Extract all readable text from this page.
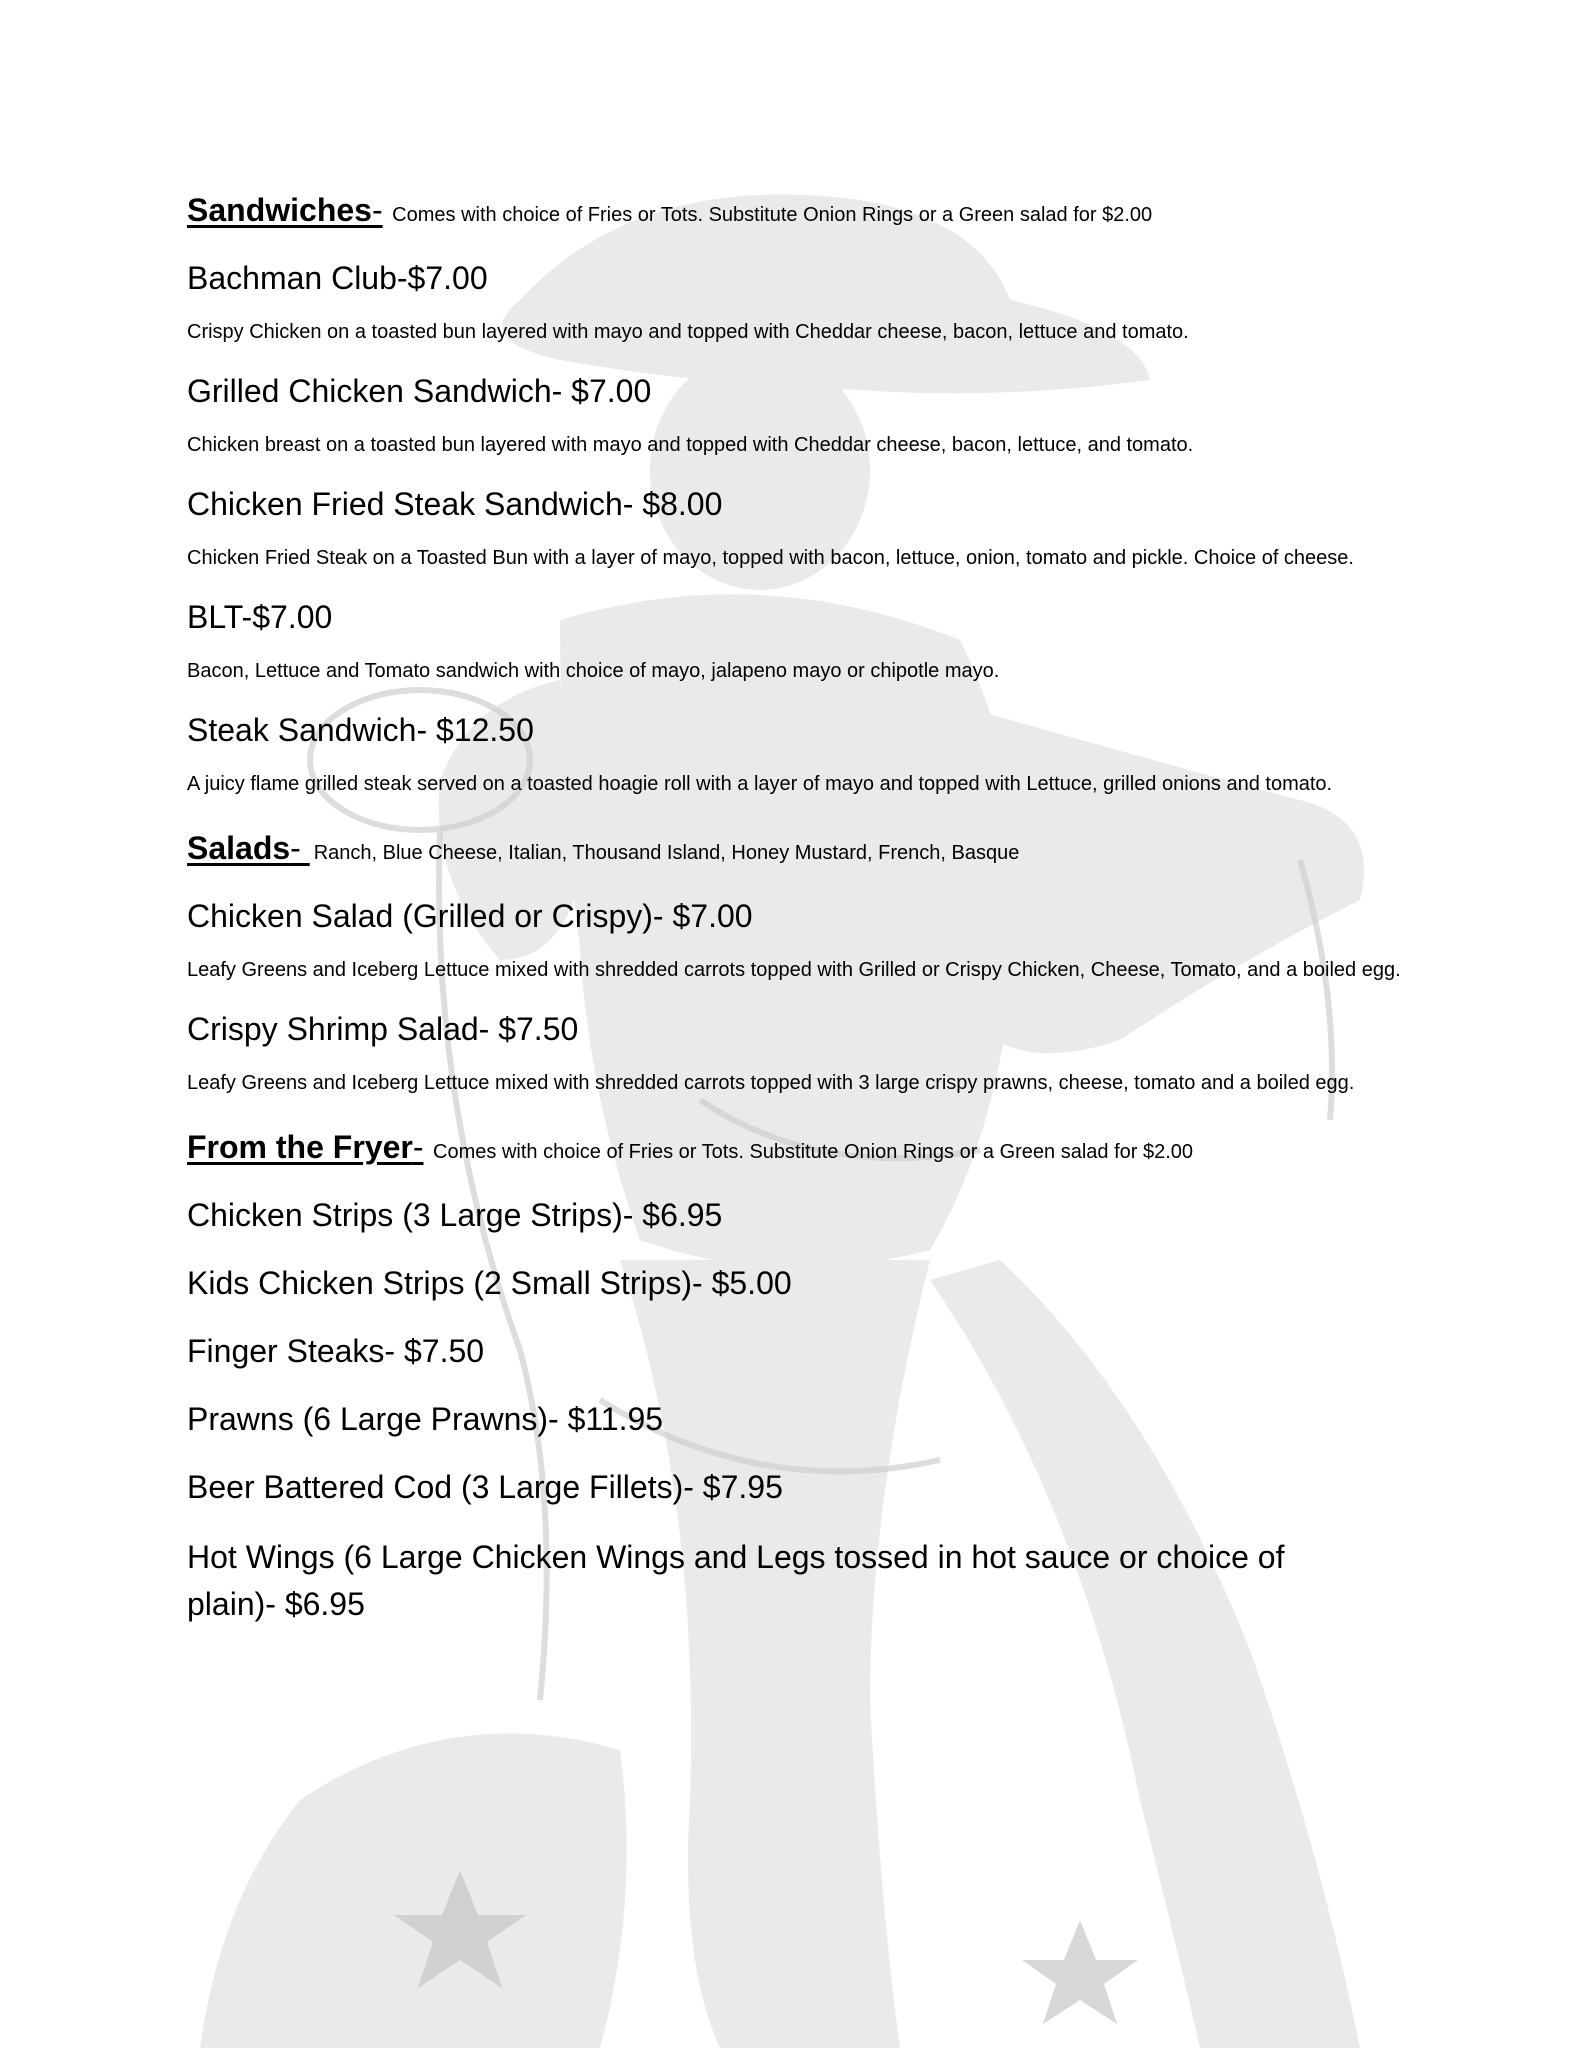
Sandwiches- Comes with choice of Fries or Tots. Substitute Onion Rings or a Green salad for $2.00
Bachman Club-$7.00
Crispy Chicken on a toasted bun layered with mayo and topped with Cheddar cheese, bacon, lettuce and tomato.
Grilled Chicken Sandwich- $7.00
Chicken breast on a toasted bun layered with mayo and topped with Cheddar cheese, bacon, lettuce, and tomato.
Chicken Fried Steak Sandwich- $8.00
Chicken Fried Steak on a Toasted Bun with a layer of mayo, topped with bacon, lettuce, onion, tomato and pickle. Choice of cheese.
BLT-$7.00
Bacon, Lettuce and Tomato sandwich with choice of mayo, jalapeno mayo or chipotle mayo.
Steak Sandwich- $12.50
A juicy flame grilled steak served on a toasted hoagie roll with a layer of mayo and topped with Lettuce, grilled onions and tomato.
Salads- Ranch, Blue Cheese, Italian, Thousand Island, Honey Mustard, French, Basque
Chicken Salad (Grilled or Crispy)- $7.00
Leafy Greens and Iceberg Lettuce mixed with shredded carrots topped with Grilled or Crispy Chicken, Cheese, Tomato, and a boiled egg.
Crispy Shrimp Salad- $7.50
Leafy Greens and Iceberg Lettuce mixed with shredded carrots topped with 3 large crispy prawns, cheese, tomato and a boiled egg.
From the Fryer- Comes with choice of Fries or Tots. Substitute Onion Rings or a Green salad for $2.00
Chicken Strips (3 Large Strips)- $6.95
Kids Chicken Strips (2 Small Strips)- $5.00
Finger Steaks- $7.50
Prawns (6 Large Prawns)- $11.95
Beer Battered Cod (3 Large Fillets)- $7.95
Hot Wings (6 Large Chicken Wings and Legs tossed in hot sauce or choice of plain)- $6.95
